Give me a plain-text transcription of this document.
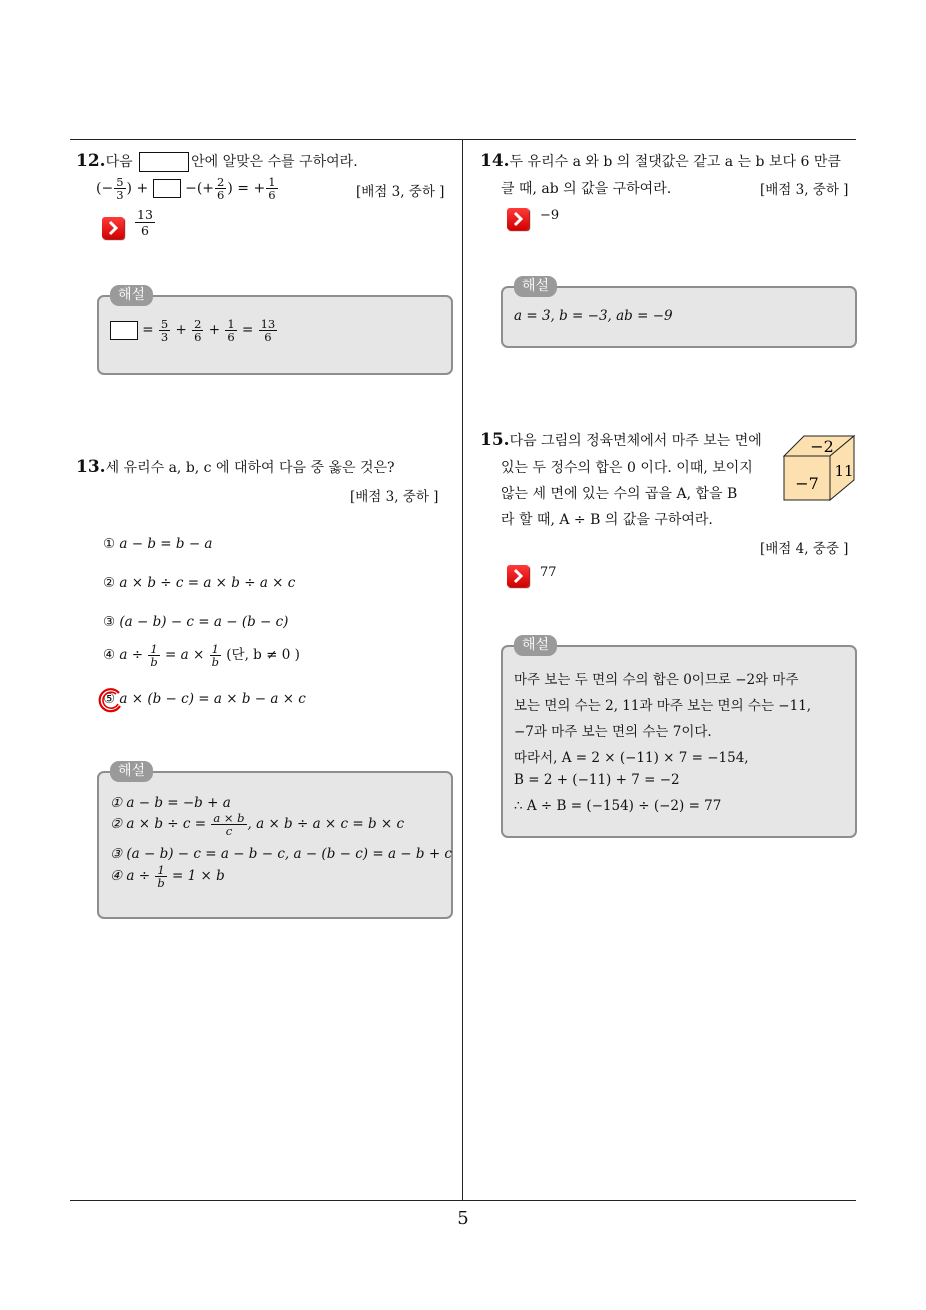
12.다음	안에 알맞은 수를 구하여라.
(− $\frac{5}{3}$ ) +	−(+ $\frac{2}{6}$ ) = + $\frac{1}{6}$	[배점 3, 중하 ]
$\frac{13}{6}$
해설
= $\frac{5}{3} + \frac{2}{6} + \frac{1}{6} = \frac{13}{6}$
13.세 유리수 a, b, c 에 대하여 다음 중 옳은 것은?
[배점 3, 중하 ]
① a − b = b − a
② a × b ÷ c = a × b ÷ a × c
③ (a − b) − c = a − (b − c)
④ $a \div \frac{1}{b} = a \times \frac{1}{b}$ (단, b ≠ 0 )
⑤ a × (b − c) = a × b − a × c
해설
① a − b = −b + a
② $a \times b \div c = \frac{a \times b}{c}$ , a × b ÷ a × c = b × c
③ (a − b) − c = a − b − c, a − (b − c) = a − b + c
④ $a \div \frac{1}{b} = 1 \times b$
14.두 유리수 a 와 b 의 절댓값은 같고 a 는 b 보다 6 만큼
클 때, ab 의 값을 구하여라.	[배점 3, 중하 ]
−9
해설
a = 3, b = −3, ab = −9
15.다음 그림의 정육면체에서 마주 보는 면에
있는 두 정수의 합은 0 이다. 이때, 보이지
않는 세 면에 있는 수의 곱을 A, 합을 B
라 할 때, A ÷ B 의 값을 구하여라.
[배점 4, 중중 ]
−2
−7
11
77
해설
마주 보는 두 면의 수의 합은 0이므로 −2와 마주
보는 면의 수는 2, 11과 마주 보는 면의 수는 −11,
−7과 마주 보는 면의 수는 7이다.
따라서, A = 2 × (−11) × 7 = −154,
B = 2 + (−11) + 7 = −2
∴ A ÷ B = (−154) ÷ (−2) = 77
5
